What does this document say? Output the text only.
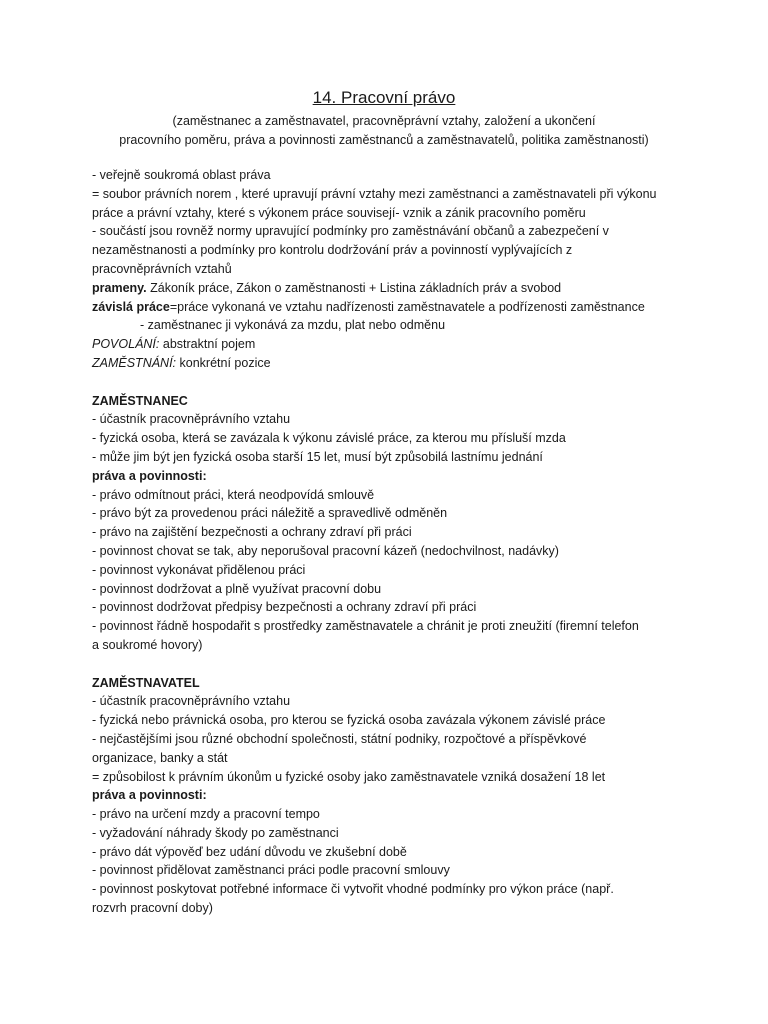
14. Pracovní právo
(zaměstnanec a zaměstnavatel, pracovněprávní vztahy, založení a ukončení
pracovního poměru, práva a povinnosti zaměstnanců a zaměstnavatelů, politika zaměstnanosti)
- veřejně soukromá oblast práva
= soubor právních norem , které upravují právní vztahy mezi zaměstnanci a zaměstnavateli při výkonu
práce a právní vztahy, které s výkonem práce souvisejí- vznik a zánik pracovního poměru
- součástí jsou rovněž normy upravující podmínky pro zaměstnávání občanů a zabezpečení v
nezaměstnanosti a podmínky pro kontrolu dodržování práv a povinností vyplývajících z
pracovněprávních vztahů
prameny. Zákoník práce, Zákon o zaměstnanosti + Listina základních práv a svobod
závislá práce=práce vykonaná ve vztahu nadřízenosti zaměstnavatele a podřízenosti zaměstnance
- zaměstnanec ji vykonává za mzdu, plat nebo odměnu
POVOLÁNÍ: abstraktní pojem
ZAMĚSTNÁNÍ: konkrétní pozice
ZAMĚSTNANEC
- účastník pracovněprávního vztahu
- fyzická osoba, která se zavázala k výkonu závislé práce, za kterou mu přísluší mzda
- může jim být jen fyzická osoba starší 15 let, musí být způsobilá lastnímu jednání
práva a povinnosti:
- právo odmítnout práci, která neodpovídá smlouvě
- právo být za provedenou práci náležitě a spravedlivě odměněn
- právo na zajištění bezpečnosti a ochrany zdraví při práci
- povinnost chovat se tak, aby neporušoval pracovní kázeň (nedochvilnost, nadávky)
- povinnost vykonávat přidělenou práci
- povinnost dodržovat a plně využívat pracovní dobu
- povinnost dodržovat předpisy bezpečnosti a ochrany zdraví při práci
- povinnost řádně hospodařit s prostředky zaměstnavatele a chránit je proti zneužití (firemní telefon
a soukromé hovory)
ZAMĚSTNAVATEL
- účastník pracovněprávního vztahu
- fyzická nebo právnická osoba, pro kterou se fyzická osoba zavázala výkonem závislé práce
- nejčastějšími jsou různé obchodní společnosti, státní podniky, rozpočtové a příspěvkové
organizace, banky a stát
= způsobilost k právním úkonům u fyzické osoby jako zaměstnavatele vzniká dosažení 18 let
práva a povinnosti:
- právo na určení mzdy a pracovní tempo
- vyžadování náhrady škody po zaměstnanci
- právo dát výpověď bez udání důvodu ve zkušební době
- povinnost přidělovat zaměstnanci práci podle pracovní smlouvy
- povinnost poskytovat potřebné informace či vytvořit vhodné podmínky pro výkon práce (např.
rozvrh pracovní doby)
